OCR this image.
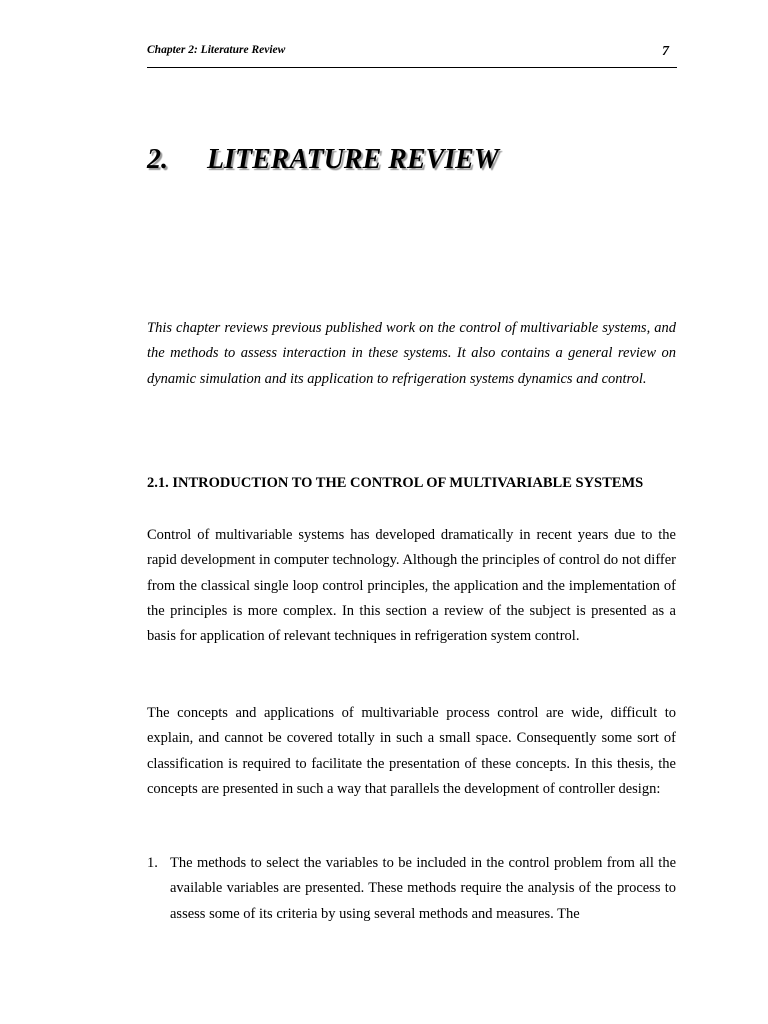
Chapter 2: Literature Review	7
2. LITERATURE REVIEW

This chapter reviews previous published work on the control of multivariable systems, and the methods to assess interaction in these systems. It also contains a general review on dynamic simulation and its application to refrigeration systems dynamics and control.

2.1. INTRODUCTION TO THE CONTROL OF MULTIVARIABLE SYSTEMS

Control of multivariable systems has developed dramatically in recent years due to the rapid development in computer technology. Although the principles of control do not differ from the classical single loop control principles, the application and the implementation of the principles is more complex. In this section a review of the subject is presented as a basis for application of relevant techniques in refrigeration system control.

The concepts and applications of multivariable process control are wide, difficult to explain, and cannot be covered totally in such a small space. Consequently some sort of classification is required to facilitate the presentation of these concepts. In this thesis, the concepts are presented in such a way that parallels the development of controller design:

1. The methods to select the variables to be included in the control problem from all the available variables are presented. These methods require the analysis of the process to assess some of its criteria by using several methods and measures. The
